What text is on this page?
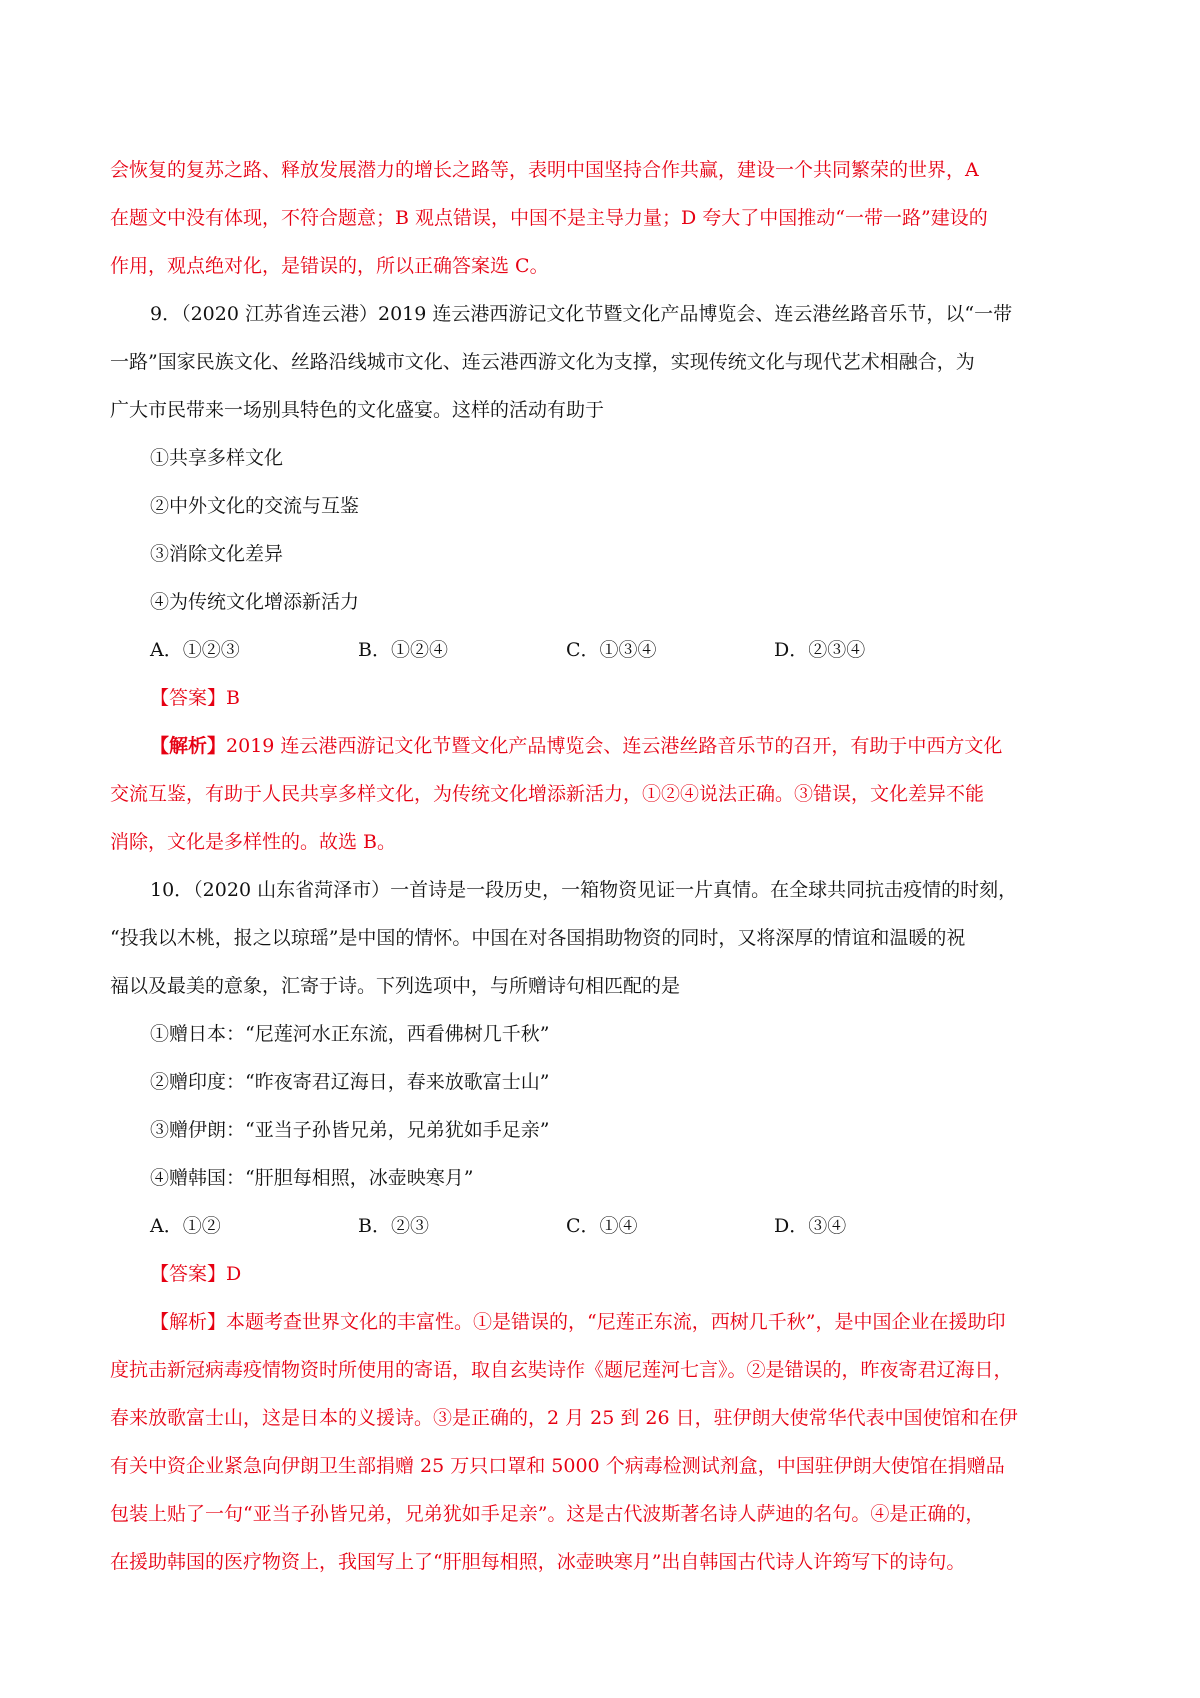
会恢复的复苏之路、释放发展潜力的增长之路等，表明中国坚持合作共赢，建设一个共同繁荣的世界，A
在题文中没有体现，不符合题意；B 观点错误，中国不是主导力量；D 夸大了中国推动“一带一路”建设的
作用，观点绝对化，是错误的，所以正确答案选 C。
9．（2020 江苏省连云港）2019 连云港西游记文化节暨文化产品博览会、连云港丝路音乐节，以“一带
一路”国家民族文化、丝路沿线城市文化、连云港西游文化为支撑，实现传统文化与现代艺术相融合，为
广大市民带来一场别具特色的文化盛宴。这样的活动有助于
①共享多样文化
②中外文化的交流与互鉴
③消除文化差异
④为传统文化增添新活力
A．①②③	B．①②④	C．①③④	D．②③④
【答案】B
【解析】2019 连云港西游记文化节暨文化产品博览会、连云港丝路音乐节的召开，有助于中西方文化
交流互鉴，有助于人民共享多样文化，为传统文化增添新活力，①②④说法正确。③错误，文化差异不能
消除，文化是多样性的。故选 B。
10．（2020 山东省菏泽市）一首诗是一段历史，一箱物资见证一片真情。在全球共同抗击疫情的时刻，
“投我以木桃，报之以琼瑶”是中国的情怀。中国在对各国捐助物资的同时，又将深厚的情谊和温暖的祝
福以及最美的意象，汇寄于诗。下列选项中，与所赠诗句相匹配的是
①赠日本：“尼莲河水正东流，西看佛树几千秋”
②赠印度：“昨夜寄君辽海日，春来放歌富士山”
③赠伊朗：“亚当子孙皆兄弟，兄弟犹如手足亲”
④赠韩国：“肝胆每相照，冰壶映寒月”
A．①②	B．②③	C．①④	D．③④
【答案】D
【解析】本题考查世界文化的丰富性。①是错误的，“尼莲正东流，西树几千秋”，是中国企业在援助印
度抗击新冠病毒疫情物资时所使用的寄语，取自玄奘诗作《题尼莲河七言》。②是错误的，昨夜寄君辽海日，
春来放歌富士山，这是日本的义援诗。③是正确的，2 月 25 到 26 日，驻伊朗大使常华代表中国使馆和在伊
有关中资企业紧急向伊朗卫生部捐赠 25 万只口罩和 5000 个病毒检测试剂盒，中国驻伊朗大使馆在捐赠品
包装上贴了一句“亚当子孙皆兄弟，兄弟犹如手足亲”。这是古代波斯著名诗人萨迪的名句。④是正确的，
在援助韩国的医疗物资上，我国写上了“肝胆每相照，冰壶映寒月”出自韩国古代诗人许筠写下的诗句。
